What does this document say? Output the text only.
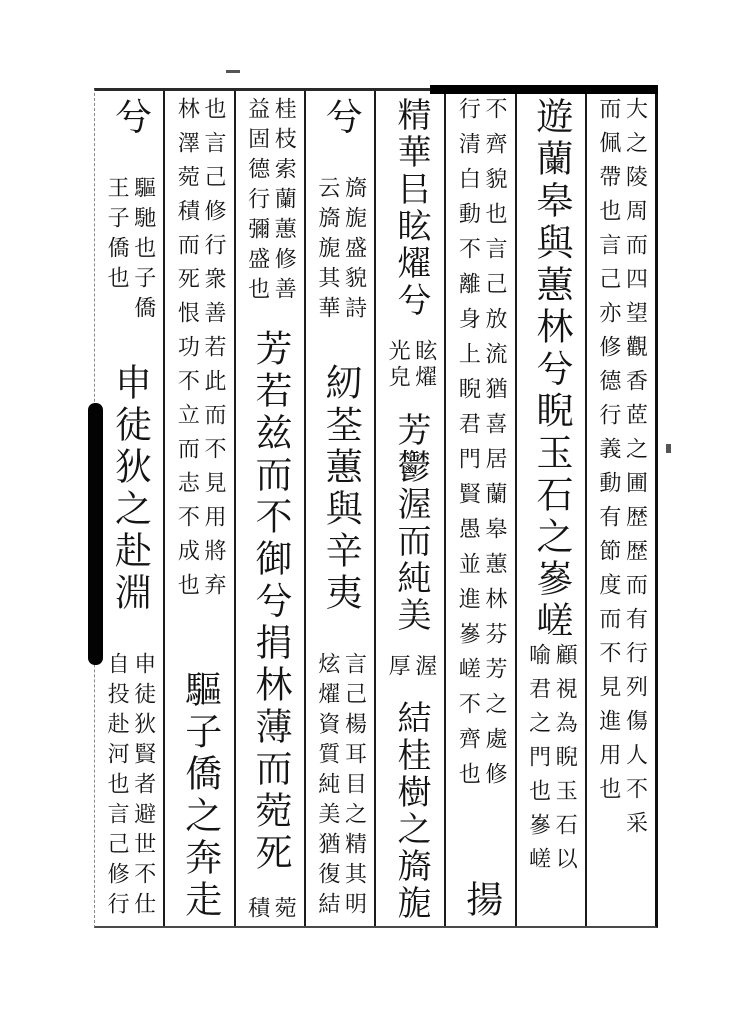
大之陵周而四望觀香茝之圃歴歴而有行列傷人不采
而佩帶也言己亦修德行義動有節度而不見進用也
遊蘭皋與蕙林兮睨玉石之嵾嵯
顧視為睨玉石以
喻君之門也嵾嵯
不齊貌也言己放流猶喜居蘭皋蕙林芬芳之處修
行清白動不離身上睨君門賢愚並進嵾嵯不齊也
揚
精華㠯眩燿兮
眩燿
光皃
芳鬱渥而純美
渥
厚
結桂樹之旖旎
兮
旖旎盛貌詩
云旖旎其華
紉荃蕙與辛夷
言己楊耳目之精其明
炫燿資質純美猶復結
桂枝索蘭蕙修善
益固德行彌盛也
芳若兹而不御兮捐林薄而菀死
菀
積
也言己修行衆善若此而不見用將弃
林澤菀積而死恨功不立而志不成也
驅子僑之奔走
兮
驅馳也子僑
王子僑也
申徒狄之赴淵
申徒狄賢者避世不仕
自投赴河也言己修行
